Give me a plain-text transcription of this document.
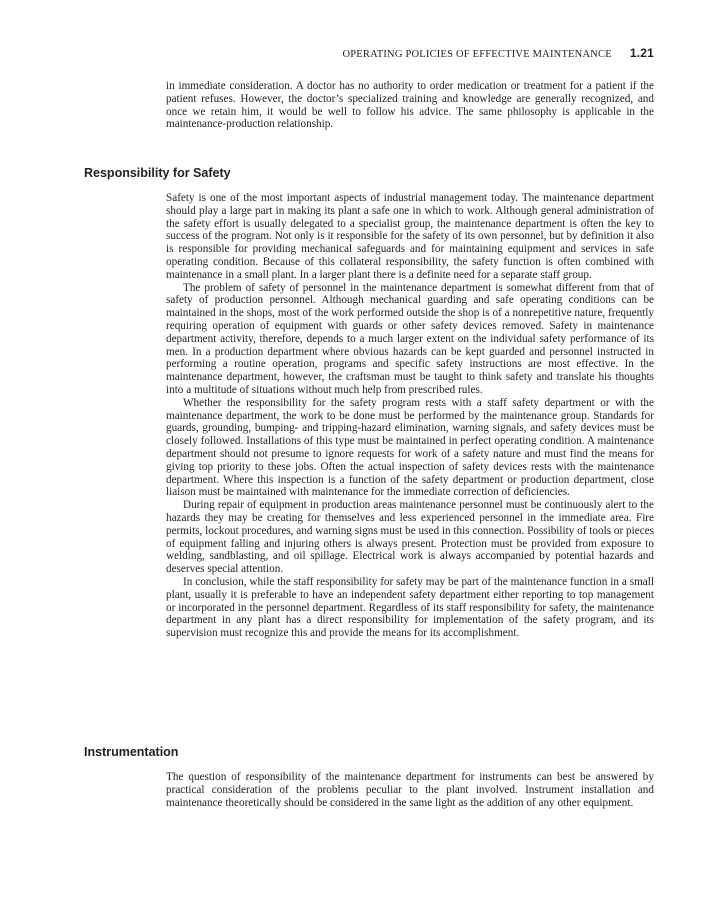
OPERATING POLICIES OF EFFECTIVE MAINTENANCE 1.21

in immediate consideration. A doctor has no authority to order medication or treatment for a patient if the patient refuses. However, the doctor’s specialized training and knowledge are generally recognized, and once we retain him, it would be well to follow his advice. The same philosophy is applicable in the maintenance-production relationship.

Responsibility for Safety

Safety is one of the most important aspects of industrial management today. The maintenance department should play a large part in making its plant a safe one in which to work. Although general administration of the safety effort is usually delegated to a specialist group, the maintenance department is often the key to success of the program. Not only is it responsible for the safety of its own personnel, but by definition it also is responsible for providing mechanical safeguards and for maintaining equipment and services in safe operating condition. Because of this collateral responsibility, the safety function is often combined with maintenance in a small plant. In a larger plant there is a definite need for a separate staff group.

The problem of safety of personnel in the maintenance department is somewhat different from that of safety of production personnel. Although mechanical guarding and safe operating conditions can be maintained in the shops, most of the work performed outside the shop is of a nonrepetitive nature, frequently requiring operation of equipment with guards or other safety devices removed. Safety in maintenance department activity, therefore, depends to a much larger extent on the individual safety performance of its men. In a production department where obvious hazards can be kept guarded and personnel instructed in performing a routine operation, programs and specific safety instructions are most effective. In the maintenance department, however, the craftsman must be taught to think safety and translate his thoughts into a multitude of situations without much help from prescribed rules.

Whether the responsibility for the safety program rests with a staff safety department or with the maintenance department, the work to be done must be performed by the maintenance group. Standards for guards, grounding, bumping- and tripping-hazard elimination, warning signals, and safety devices must be closely followed. Installations of this type must be maintained in perfect operating condition. A maintenance department should not presume to ignore requests for work of a safety nature and must find the means for giving top priority to these jobs. Often the actual inspection of safety devices rests with the maintenance department. Where this inspection is a function of the safety department or production department, close liaison must be maintained with maintenance for the immediate correction of deficiencies.

During repair of equipment in production areas maintenance personnel must be continuously alert to the hazards they may be creating for themselves and less experienced personnel in the immediate area. Fire permits, lockout procedures, and warning signs must be used in this connection. Possibility of tools or pieces of equipment falling and injuring others is always present. Protection must be provided from exposure to welding, sandblasting, and oil spillage. Electrical work is always accompanied by potential hazards and deserves special attention.

In conclusion, while the staff responsibility for safety may be part of the maintenance function in a small plant, usually it is preferable to have an independent safety department either reporting to top management or incorporated in the personnel department. Regardless of its staff responsibility for safety, the maintenance department in any plant has a direct responsibility for implementation of the safety program, and its supervision must recognize this and provide the means for its accomplishment.

Instrumentation

The question of responsibility of the maintenance department for instruments can best be answered by practical consideration of the problems peculiar to the plant involved. Instrument installation and maintenance theoretically should be considered in the same light as the addition of any other equipment.
